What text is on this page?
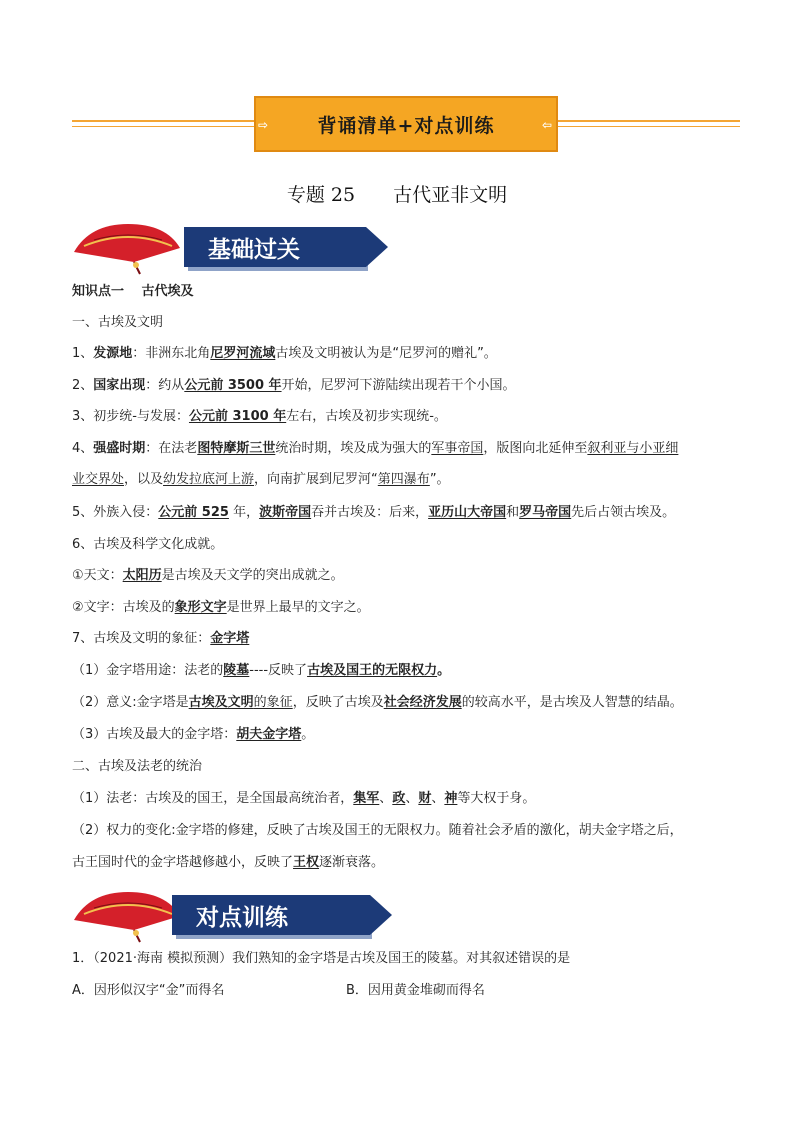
背诵清单+对点训练
⇨	⇦
专题 25　　古代亚非文明
基础过关
知识点一　 古代埃及
一、古埃及文明
1、发源地：非洲东北角尼罗河流域古埃及文明被认为是“尼罗河的赠礼”。
2、国家出现：约从公元前 3500 年开始，尼罗河下游陆续出现若干个小国。
3、初步统-与发展：公元前 3100 年左右，古埃及初步实现统-。
4、强盛时期：在法老图特摩斯三世统治时期，埃及成为强大的军事帝国，版图向北延伸至叙利亚与小亚细
业交界处，以及幼发拉底河上游，向南扩展到尼罗河“第四瀑布”。
5、外族入侵：公元前 525 年，波斯帝国吞并古埃及：后来，亚历山大帝国和罗马帝国先后占领古埃及。
6、古埃及科学文化成就。
①天文：太阳历是古埃及天文学的突出成就之。
②文字：古埃及的象形文字是世界上最早的文字之。
7、古埃及文明的象征：金字塔
（1）金字塔用途：法老的陵墓----反映了古埃及国王的无限权力。
（2）意义:金字塔是古埃及文明的象征，反映了古埃及社会经济发展的较高水平，是古埃及人智慧的结晶。
（3）古埃及最大的金字塔：胡夫金字塔。
二、古埃及法老的统治
（1）法老：古埃及的国王，是全国最高统治者，集军、政、财、神等大权于身。
（2）权力的变化:金字塔的修建，反映了古埃及国王的无限权力。随着社会矛盾的激化，胡夫金字塔之后，
古王国时代的金字塔越修越小，反映了王权逐渐衰落。
对点训练
1．（2021·海南 模拟预测）我们熟知的金字塔是古埃及国王的陵墓。对其叙述错误的是
A．因形似汉字“金”而得名	B．因用黄金堆砌而得名
